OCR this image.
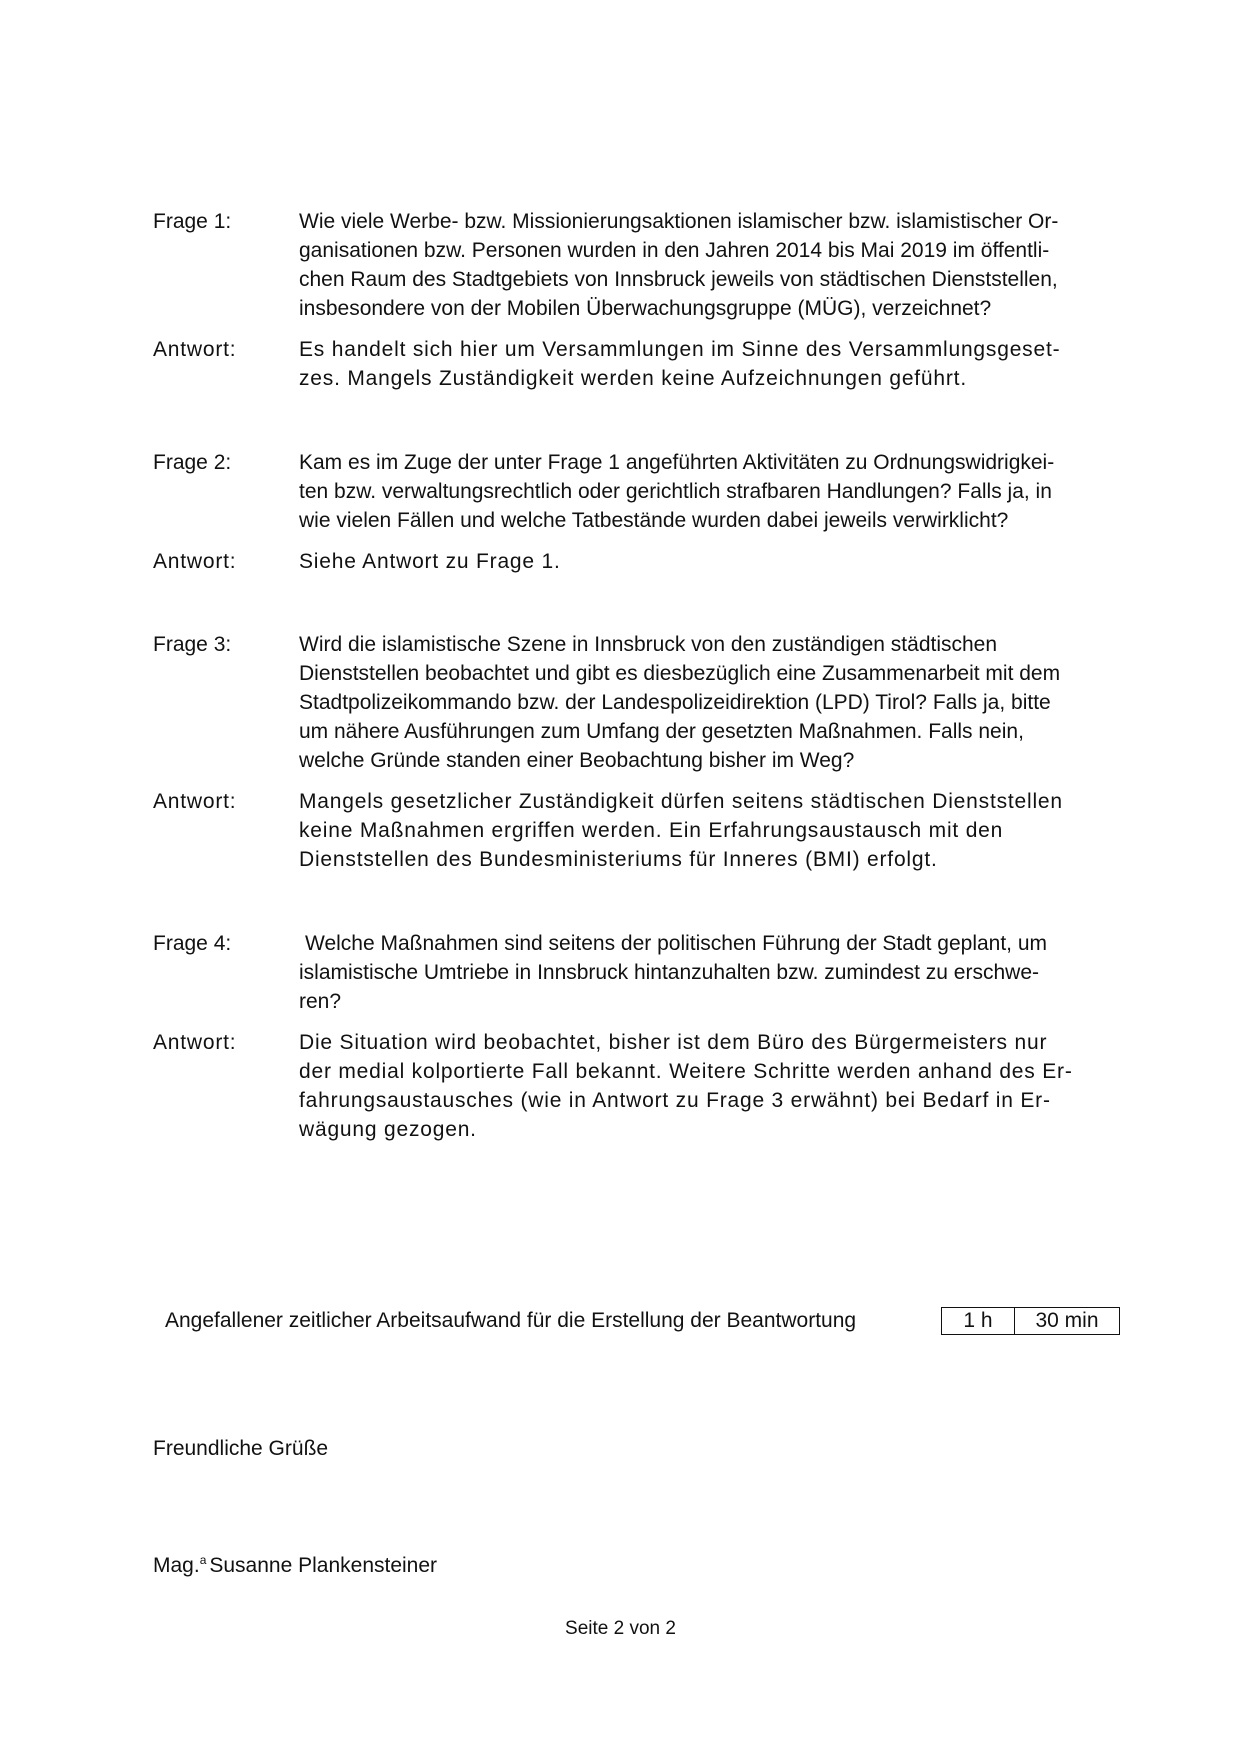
Frage 1:	Wie viele Werbe- bzw. Missionierungsaktionen islamischer bzw. islamistischer Or-
ganisationen bzw. Personen wurden in den Jahren 2014 bis Mai 2019 im öffentli-
chen Raum des Stadtgebiets von Innsbruck jeweils von städtischen Dienststellen,
insbesondere von der Mobilen Überwachungsgruppe (MÜG), verzeichnet?
Antwort:	Es handelt sich hier um Versammlungen im Sinne des Versammlungsgeset-
zes. Mangels Zuständigkeit werden keine Aufzeichnungen geführt.
Frage 2:	Kam es im Zuge der unter Frage 1 angeführten Aktivitäten zu Ordnungswidrigkei-
ten bzw. verwaltungsrechtlich oder gerichtlich strafbaren Handlungen? Falls ja, in
wie vielen Fällen und welche Tatbestände wurden dabei jeweils verwirklicht?
Antwort:	Siehe Antwort zu Frage 1.
Frage 3:	Wird die islamistische Szene in Innsbruck von den zuständigen städtischen
Dienststellen beobachtet und gibt es diesbezüglich eine Zusammenarbeit mit dem
Stadtpolizeikommando bzw. der Landespolizeidirektion (LPD) Tirol? Falls ja, bitte
um nähere Ausführungen zum Umfang der gesetzten Maßnahmen. Falls nein,
welche Gründe standen einer Beobachtung bisher im Weg?
Antwort:	Mangels gesetzlicher Zuständigkeit dürfen seitens städtischen Dienststellen
keine Maßnahmen ergriffen werden. Ein Erfahrungsaustausch mit den
Dienststellen des Bundesministeriums für Inneres (BMI) erfolgt.
Frage 4:	Welche Maßnahmen sind seitens der politischen Führung der Stadt geplant, um
islamistische Umtriebe in Innsbruck hintanzuhalten bzw. zumindest zu erschwe-
ren?
Antwort:	Die Situation wird beobachtet, bisher ist dem Büro des Bürgermeisters nur
der medial kolportierte Fall bekannt. Weitere Schritte werden anhand des Er-
fahrungsaustausches (wie in Antwort zu Frage 3 erwähnt) bei Bedarf in Er-
wägung gezogen.
Angefallener zeitlicher Arbeitsaufwand für die Erstellung der Beantwortung	1 h	30 min
Freundliche Grüße
Mag.$^a$ Susanne Plankensteiner
Seite 2 von 2
